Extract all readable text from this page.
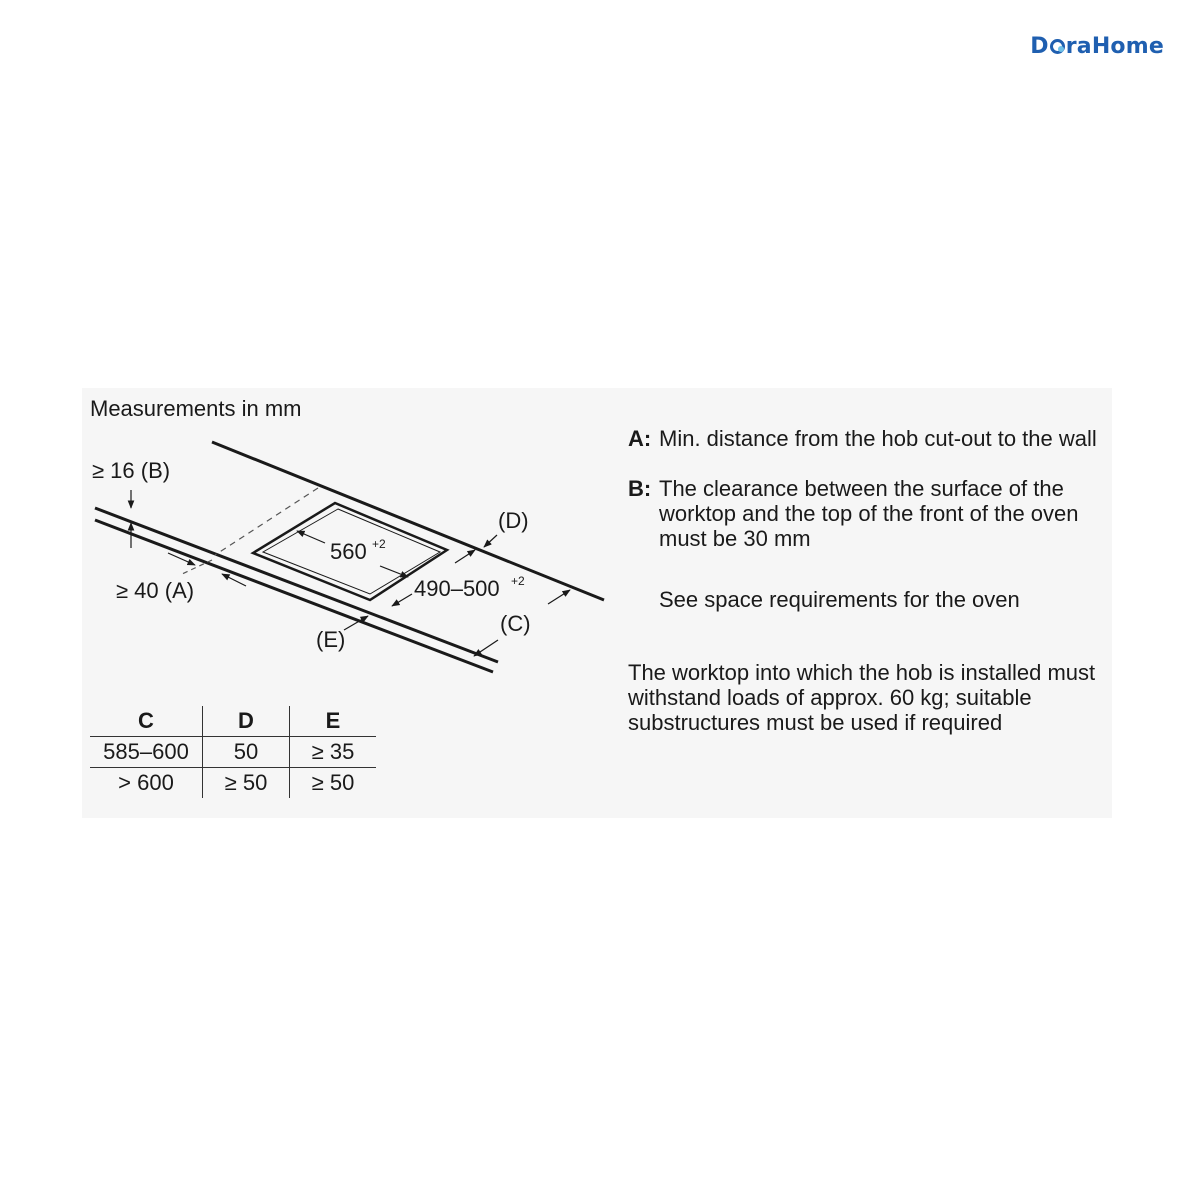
D raHome
Measurements in mm
≥ 16 (B)
≥ 40 (A)
(D)
(C)
(E)
560 +2
490–500 +2
C	D	E
585–600	50	≥ 35
> 600	≥ 50	≥ 50
A: Min. distance from the hob cut-out to the wall
B: The clearance between the surface of the worktop and the top of the front of the oven must be 30 mm
See space requirements for the oven
The worktop into which the hob is installed must withstand loads of approx. 60 kg; suitable substructures must be used if required
